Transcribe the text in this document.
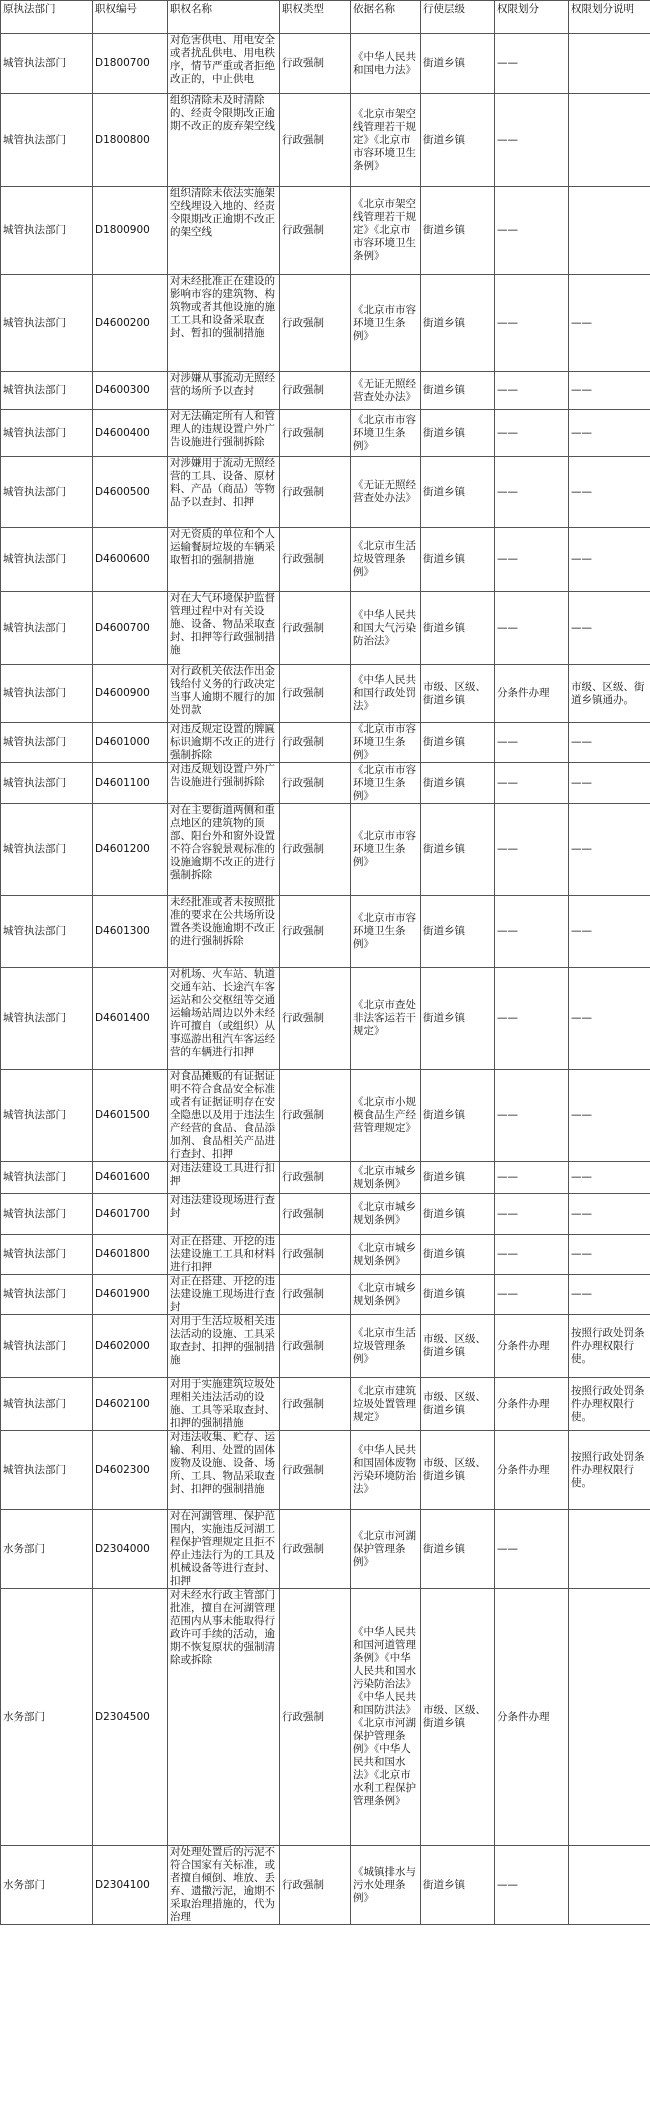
原执法部门	职权编号	职权名称	职权类型	依据名称	行使层级	权限划分	权限划分说明
城管执法部门	D1800700	对危害供电、用电安全或者扰乱供电、用电秩序，情节严重或者拒绝改正的，中止供电	行政强制	《中华人民共和国电力法》	街道乡镇	——	
城管执法部门	D1800800	组织清除未及时清除的、经责令限期改正逾期不改正的废弃架空线	行政强制	《北京市架空线管理若干规定》《北京市市容环境卫生条例》	街道乡镇	——	
城管执法部门	D1800900	组织清除未依法实施架空线埋设入地的、经责令限期改正逾期不改正的架空线	行政强制	《北京市架空线管理若干规定》《北京市市容环境卫生条例》	街道乡镇	——	
城管执法部门	D4600200	对未经批准正在建设的影响市容的建筑物、构筑物或者其他设施的施工工具和设备采取查封、暂扣的强制措施	行政强制	《北京市市容环境卫生条例》	街道乡镇	——	——
城管执法部门	D4600300	对涉嫌从事流动无照经营的场所予以查封	行政强制	《无证无照经营查处办法》	街道乡镇	——	——
城管执法部门	D4600400	对无法确定所有人和管理人的违规设置户外广告设施进行强制拆除	行政强制	《北京市市容环境卫生条例》	街道乡镇	——	——
城管执法部门	D4600500	对涉嫌用于流动无照经营的工具、设备、原材料、产品（商品）等物品予以查封、扣押	行政强制	《无证无照经营查处办法》	街道乡镇	——	——
城管执法部门	D4600600	对无资质的单位和个人运输餐厨垃圾的车辆采取暂扣的强制措施	行政强制	《北京市生活垃圾管理条例》	街道乡镇	——	——
城管执法部门	D4600700	对在大气环境保护监督管理过程中对有关设施、设备、物品采取查封、扣押等行政强制措施	行政强制	《中华人民共和国大气污染防治法》	街道乡镇	——	——
城管执法部门	D4600900	对行政机关依法作出金钱给付义务的行政决定当事人逾期不履行的加处罚款	行政强制	《中华人民共和国行政处罚法》	市级、区级、街道乡镇	分条件办理	市级、区级、街道乡镇通办。
城管执法部门	D4601000	对违反规定设置的牌匾标识逾期不改正的进行强制拆除	行政强制	《北京市市容环境卫生条例》	街道乡镇	——	——
城管执法部门	D4601100	对违反规划设置户外广告设施进行强制拆除	行政强制	《北京市市容环境卫生条例》	街道乡镇	——	——
城管执法部门	D4601200	对在主要街道两侧和重点地区的建筑物的顶部、阳台外和窗外设置不符合容貌景观标准的设施逾期不改正的进行强制拆除	行政强制	《北京市市容环境卫生条例》	街道乡镇	——	——
城管执法部门	D4601300	未经批准或者未按照批准的要求在公共场所设置各类设施逾期不改正的进行强制拆除	行政强制	《北京市市容环境卫生条例》	街道乡镇	——	——
城管执法部门	D4601400	对机场、火车站、轨道交通车站、长途汽车客运站和公交枢纽等交通运输场站周边以外未经许可擅自（或组织）从事巡游出租汽车客运经营的车辆进行扣押	行政强制	《北京市查处非法客运若干规定》	街道乡镇	——	——
城管执法部门	D4601500	对食品摊贩的有证据证明不符合食品安全标准或者有证据证明存在安全隐患以及用于违法生产经营的食品、食品添加剂、食品相关产品进行查封、扣押	行政强制	《北京市小规模食品生产经营管理规定》	街道乡镇	——	——
城管执法部门	D4601600	对违法建设工具进行扣押	行政强制	《北京市城乡规划条例》	街道乡镇	——	——
城管执法部门	D4601700	对违法建设现场进行查封	行政强制	《北京市城乡规划条例》	街道乡镇	——	——
城管执法部门	D4601800	对正在搭建、开挖的违法建设施工工具和材料进行扣押	行政强制	《北京市城乡规划条例》	街道乡镇	——	——
城管执法部门	D4601900	对正在搭建、开挖的违法建设施工现场进行查封	行政强制	《北京市城乡规划条例》	街道乡镇	——	——
城管执法部门	D4602000	对用于生活垃圾相关违法活动的设施、工具采取查封、扣押的强制措施	行政强制	《北京市生活垃圾管理条例》	市级、区级、街道乡镇	分条件办理	按照行政处罚条件办理权限行使。
城管执法部门	D4602100	对用于实施建筑垃圾处理相关违法活动的设施、工具等采取查封、扣押的强制措施	行政强制	《北京市建筑垃圾处置管理规定》	市级、区级、街道乡镇	分条件办理	按照行政处罚条件办理权限行使。
城管执法部门	D4602300	对违法收集、贮存、运输、利用、处置的固体废物及设施、设备、场所、工具、物品采取查封、扣押的强制措施	行政强制	《中华人民共和国固体废物污染环境防治法》	市级、区级、街道乡镇	分条件办理	按照行政处罚条件办理权限行使。
水务部门	D2304000	对在河湖管理、保护范围内，实施违反河湖工程保护管理规定且拒不停止违法行为的工具及机械设备等进行查封、扣押	行政强制	《北京市河湖保护管理条例》	街道乡镇	——	
水务部门	D2304500	对未经水行政主管部门批准，擅自在河湖管理范围内从事未能取得行政许可手续的活动，逾期不恢复原状的强制清除或拆除	行政强制	《中华人民共和国河道管理条例》《中华人民共和国水污染防治法》《中华人民共和国防洪法》《北京市河湖保护管理条例》《中华人民共和国水法》《北京市水利工程保护管理条例》	市级、区级、街道乡镇	分条件办理	
水务部门	D2304100	对处理处置后的污泥不符合国家有关标准，或者擅自倾倒、堆放、丢弃、遗撒污泥，逾期不采取治理措施的，代为治理	行政强制	《城镇排水与污水处理条例》	街道乡镇	——	
